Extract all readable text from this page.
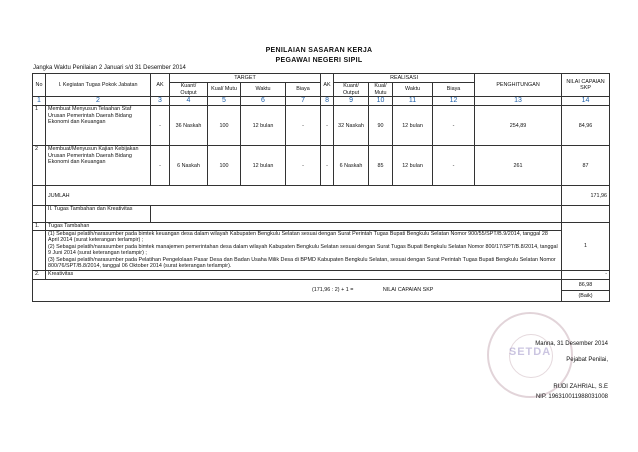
PENILAIAN SASARAN KERJA
PEGAWAI NEGERI SIPIL
Jangka Waktu Penilaian 2 Januari s/d 31 Desember 2014
No	I. Kegiatan Tugas Pokok Jabatan	AK	TARGET				AK	REALISASI				PENGHITUNGAN	NILAI CAPAIAN SKP
			Kuant/ Output	Kual/ Mutu	Waktu	Biaya		Kuant/ Output	Kual/ Mutu	Waktu	Biaya		
1	2	3	4	5	6	7	8	9	10	11	12	13	14
1	Membuat Menyusun Telaahan Staf Urusan Pemerintah Daerah Bidang Ekonomi dan Keuangan	-	36 Naskah	100	12 bulan	-	-	32 Naskah	90	12 bulan	-	254,89	84,96
2	Membuat/Menyusun Kajian Kebijakan Urusan Pemerintah Daerah Bidang Ekonomi dan Keuangan	-	6 Naskah	100	12 bulan	-	-	6 Naskah	85	12 bulan	-	261	87
	JUMLAH												171,96
	II. Tugas Tambahan dan Kreativitas												
1.	Tugas Tambahan												1

	(1) Sebagai pelatih/narasumber pada bimtek keuangan desa dalam wilayah Kabupaten Bengkulu Selatan sesuai dengan Surat Perintah Tugas Bupati Bengkulu Selatan Nomor 900/55/SPT/B.9/2014, tanggal 28 April 2014 (surat keterangan terlampir) ;
(2) Sebagai pelatih/narasumber pada bimtek manajemen pemerintahan desa dalam wilayah Kabupaten Bengkulu Selatan sesuai dengan Surat Tugas Bupati Bengkulu Selatan Nomor 800/17/SPT/B.8/2014, tanggal 9 Juni 2014 (surat keterangan terlampir) ;
(3) Sebagai pelatih/narasumber pada Pelatihan Pengelolaan Pasar Desa dan Badan Usaha Milik Desa di BPMD Kabupaten Bengkulu Selatan, sesuai dengan Surat Perintah Tugas Bupati Bengkulu Selatan Nomor 800/76/SPT/B.8/2014, tanggal 06 Oktober 2014 (surat keterangan terlampir).												

2.	Kreativitas												-
(171,96 : 2) + 1 = NILAI CAPAIAN SKP													86,98
													(Baik)
SETDA
Manna, 31 Desember 2014
Pejabat Penilai,
RUDI ZAHRIAL, S.E
NIP. 196310011988031008
